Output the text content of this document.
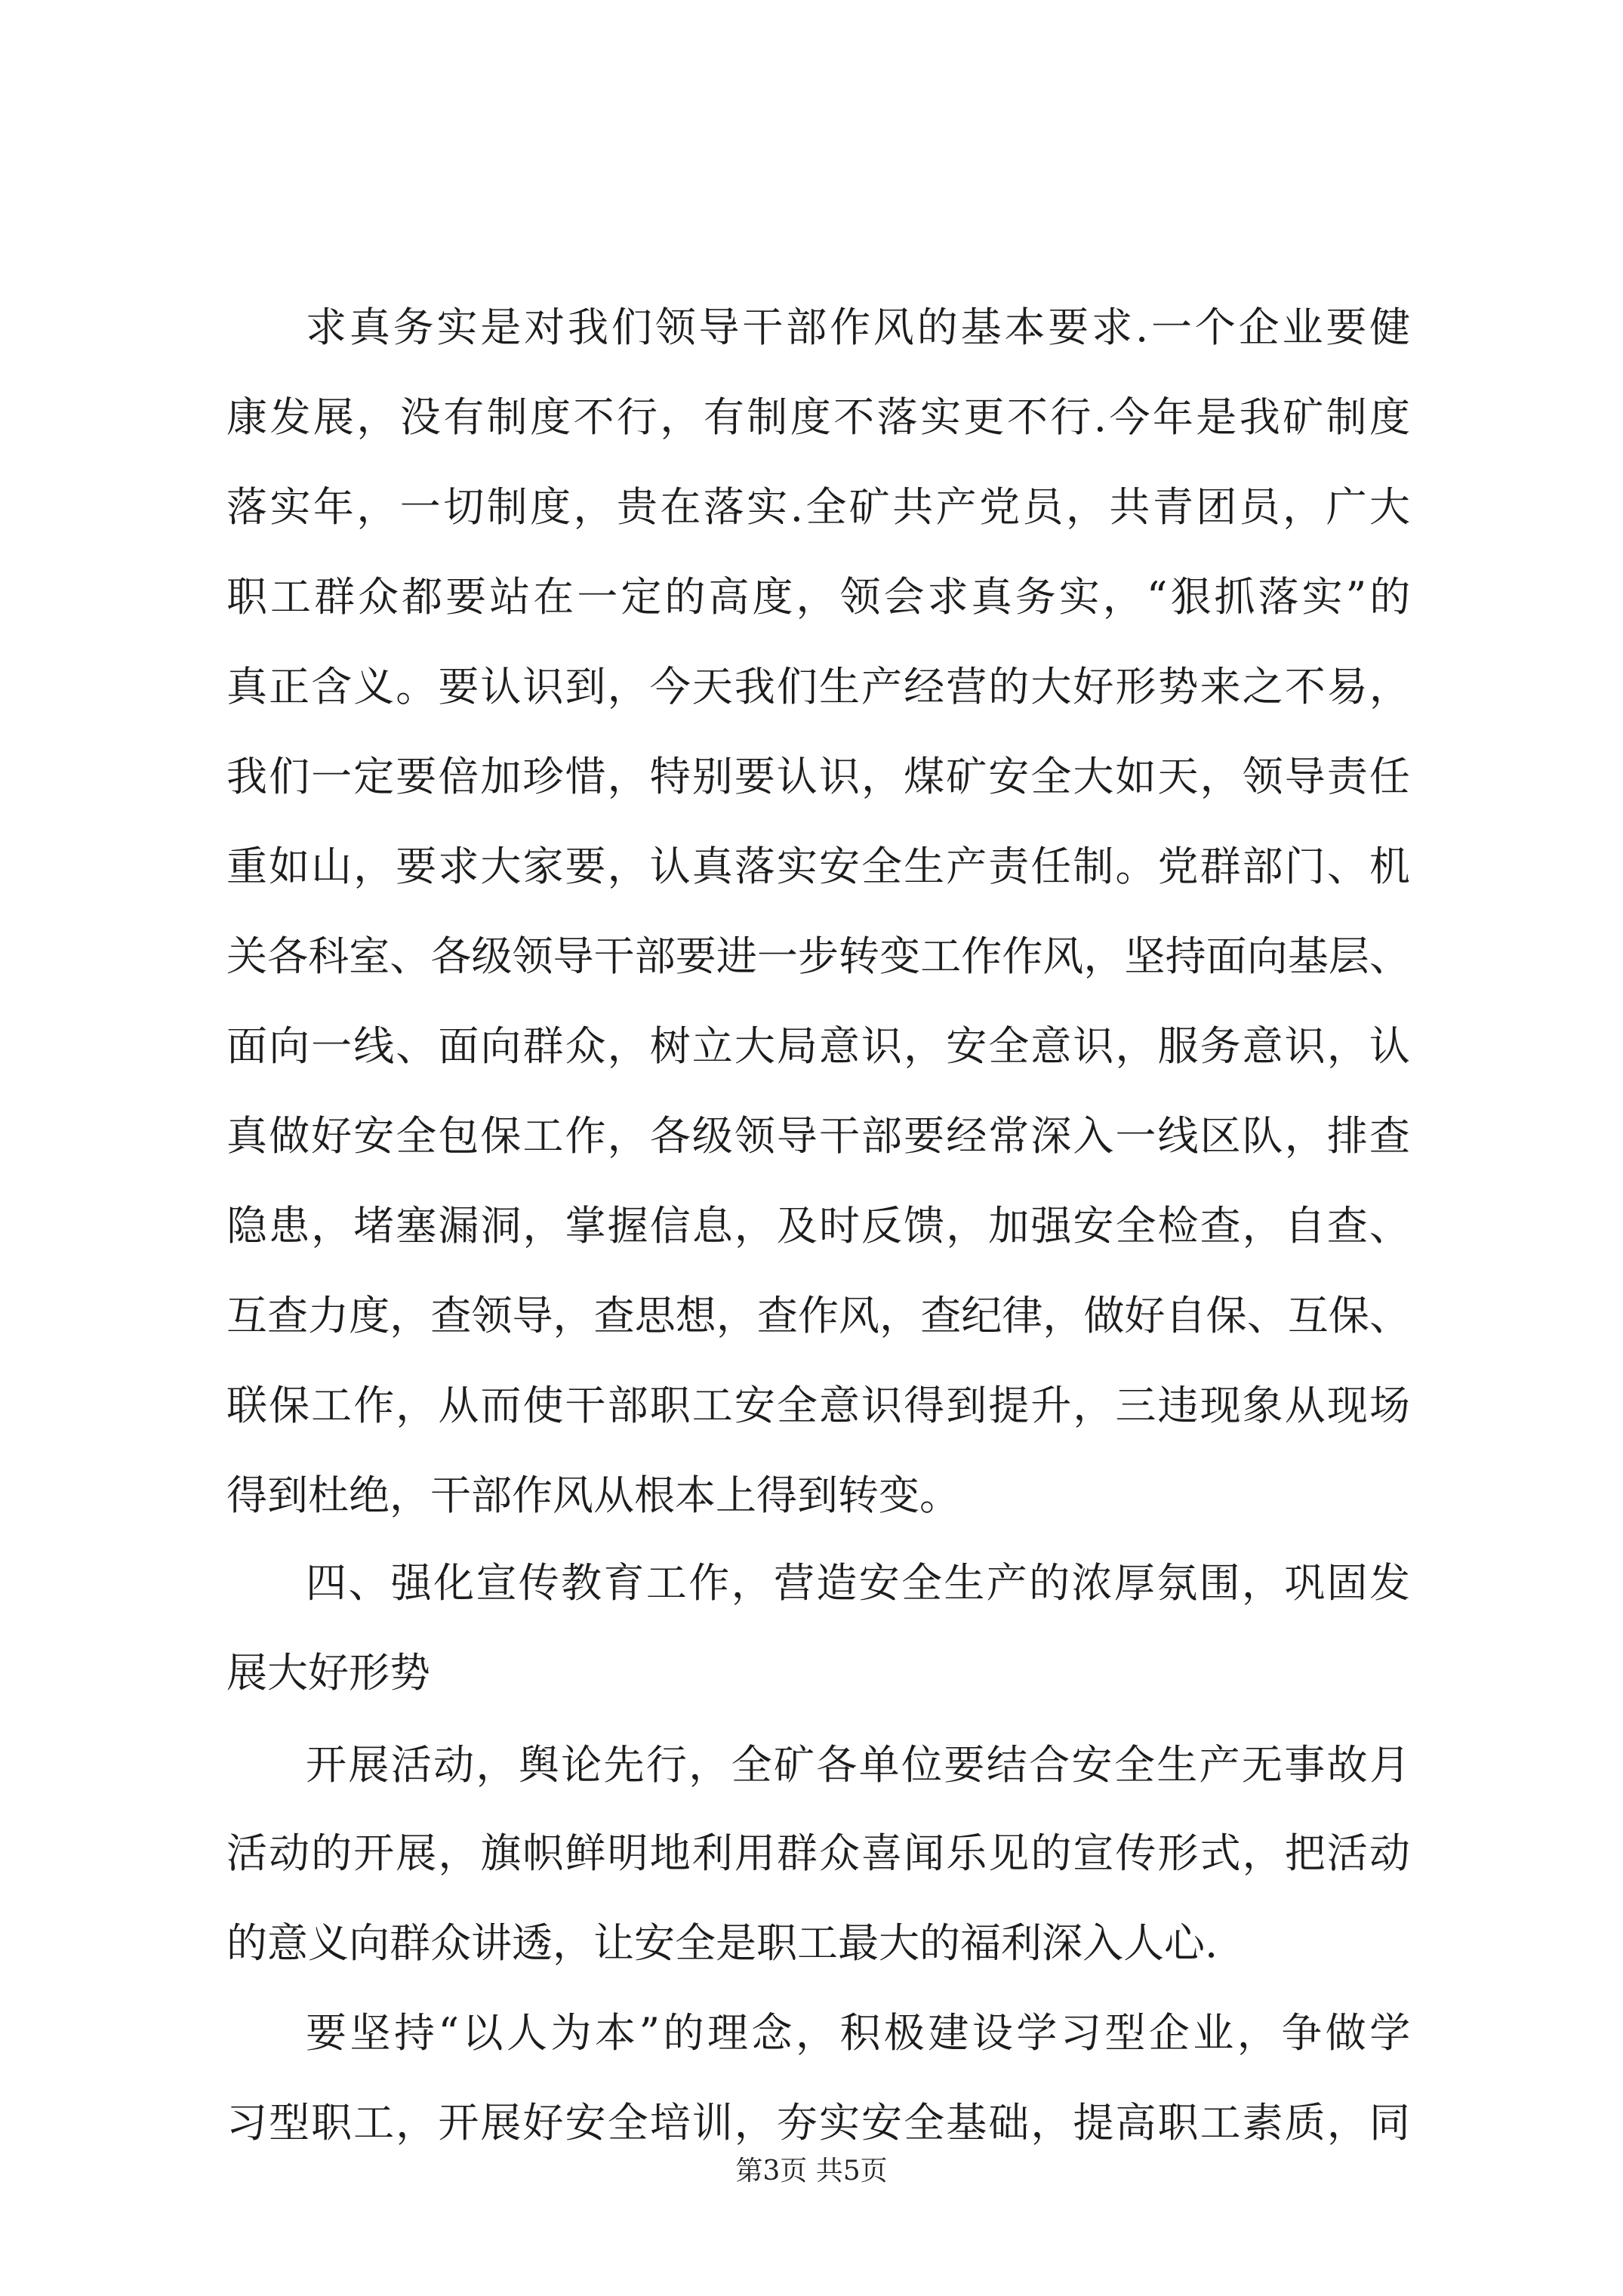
求真务实是对我们领导干部作风的基本要求.一个企业要健

康发展，没有制度不行，有制度不落实更不行.今年是我矿制度

落实年，一切制度，贵在落实.全矿共产党员，共青团员，广大

职工群众都要站在一定的高度，领会求真务实，“狠抓落实”的

真正含义。要认识到，今天我们生产经营的大好形势来之不易，

我们一定要倍加珍惜，特别要认识，煤矿安全大如天，领导责任

重如山，要求大家要，认真落实安全生产责任制。党群部门、机

关各科室、各级领导干部要进一步转变工作作风，坚持面向基层、

面向一线、面向群众，树立大局意识，安全意识，服务意识，认

真做好安全包保工作，各级领导干部要经常深入一线区队，排查

隐患，堵塞漏洞，掌握信息，及时反馈，加强安全检查，自查、

互查力度，查领导，查思想，查作风，查纪律，做好自保、互保、

联保工作，从而使干部职工安全意识得到提升，三违现象从现场

得到杜绝，干部作风从根本上得到转变。

四、强化宣传教育工作，营造安全生产的浓厚氛围，巩固发

展大好形势

开展活动，舆论先行，全矿各单位要结合安全生产无事故月

活动的开展，旗帜鲜明地利用群众喜闻乐见的宣传形式，把活动

的意义向群众讲透，让安全是职工最大的福利深入人心.

要坚持“以人为本”的理念，积极建设学习型企业，争做学

习型职工，开展好安全培训，夯实安全基础，提高职工素质，同

第3页 共5页
